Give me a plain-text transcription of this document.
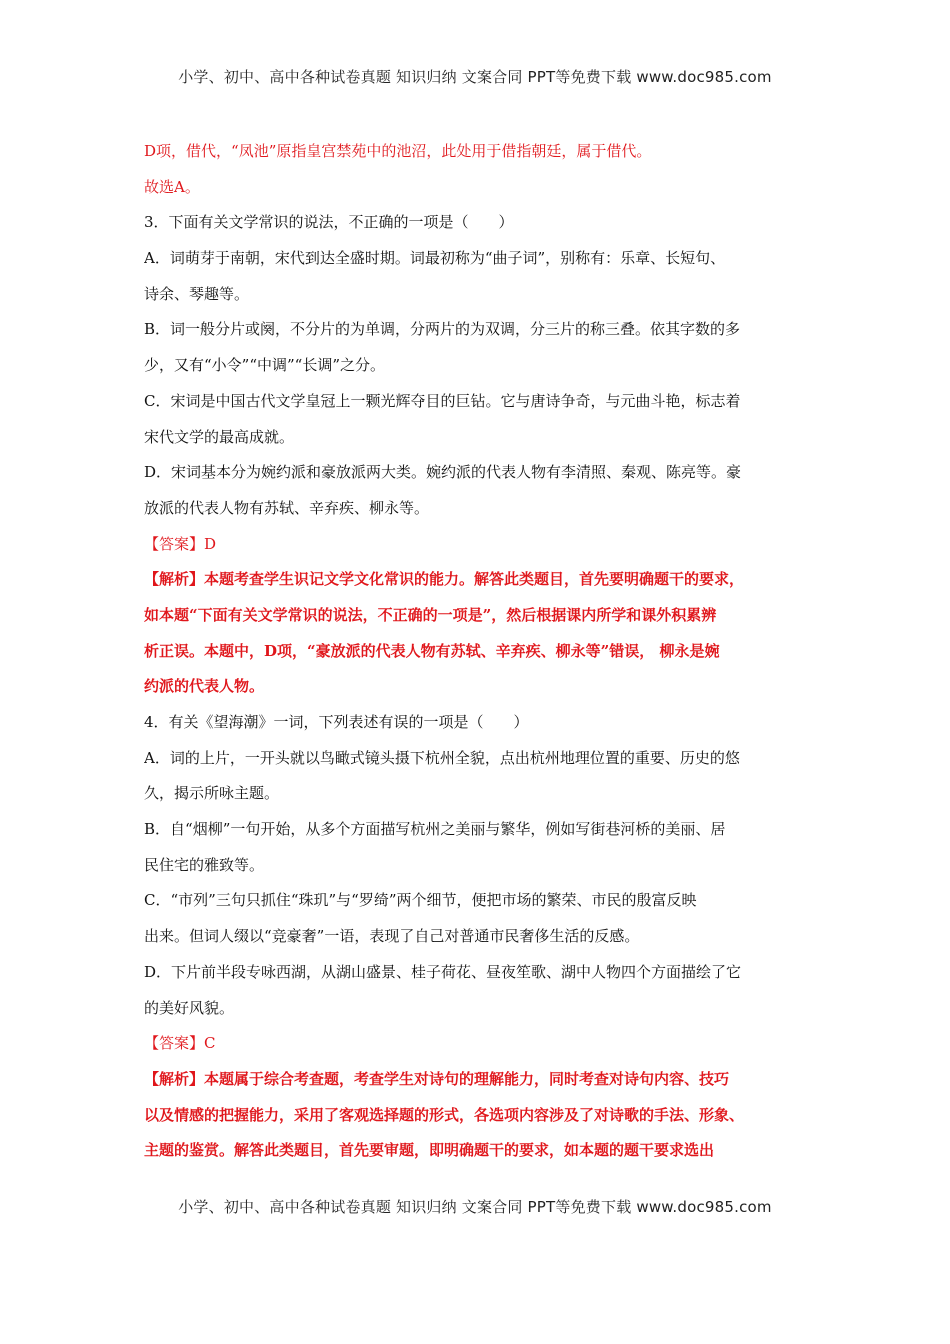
小学、初中、高中各种试卷真题 知识归纳 文案合同 PPT等免费下载 www.doc985.com
D项，借代，“凤池”原指皇宫禁苑中的池沼，此处用于借指朝廷，属于借代。
故选A。
3．下面有关文学常识的说法，不正确的一项是（　　）
A．词萌芽于南朝，宋代到达全盛时期。词最初称为“曲子词”，别称有：乐章、长短句、
诗余、琴趣等。
B．词一般分片或阕，不分片的为单调，分两片的为双调，分三片的称三叠。依其字数的多
少，又有“小令”“中调”“长调”之分。
C．宋词是中国古代文学皇冠上一颗光辉夺目的巨钻。它与唐诗争奇，与元曲斗艳，标志着
宋代文学的最高成就。
D．宋词基本分为婉约派和豪放派两大类。婉约派的代表人物有李清照、秦观、陈亮等。豪
放派的代表人物有苏轼、辛弃疾、柳永等。
【答案】D
【解析】本题考查学生识记文学文化常识的能力。解答此类题目，首先要明确题干的要求，
如本题“下面有关文学常识的说法，不正确的一项是”，然后根据课内所学和课外积累辨
析正误。本题中，D项，“豪放派的代表人物有苏轼、辛弃疾、柳永等”错误， 柳永是婉
约派的代表人物。
4．有关《望海潮》一词，下列表述有误的一项是（　　）
A．词的上片，一开头就以鸟瞰式镜头摄下杭州全貌，点出杭州地理位置的重要、历史的悠
久，揭示所咏主题。
B．自“烟柳”一句开始，从多个方面描写杭州之美丽与繁华，例如写街巷河桥的美丽、居
民住宅的雅致等。
C．“市列”三句只抓住“珠玑”与“罗绮”两个细节，便把市场的繁荣、市民的殷富反映
出来。但词人缀以“竞豪奢”一语，表现了自己对普通市民奢侈生活的反感。
D．下片前半段专咏西湖，从湖山盛景、桂子荷花、昼夜笙歌、湖中人物四个方面描绘了它
的美好风貌。
【答案】C
【解析】本题属于综合考查题，考查学生对诗句的理解能力，同时考查对诗句内容、技巧
以及情感的把握能力，采用了客观选择题的形式，各选项内容涉及了对诗歌的手法、形象、
主题的鉴赏。解答此类题目，首先要审题，即明确题干的要求，如本题的题干要求选出
小学、初中、高中各种试卷真题 知识归纳 文案合同 PPT等免费下载 www.doc985.com
